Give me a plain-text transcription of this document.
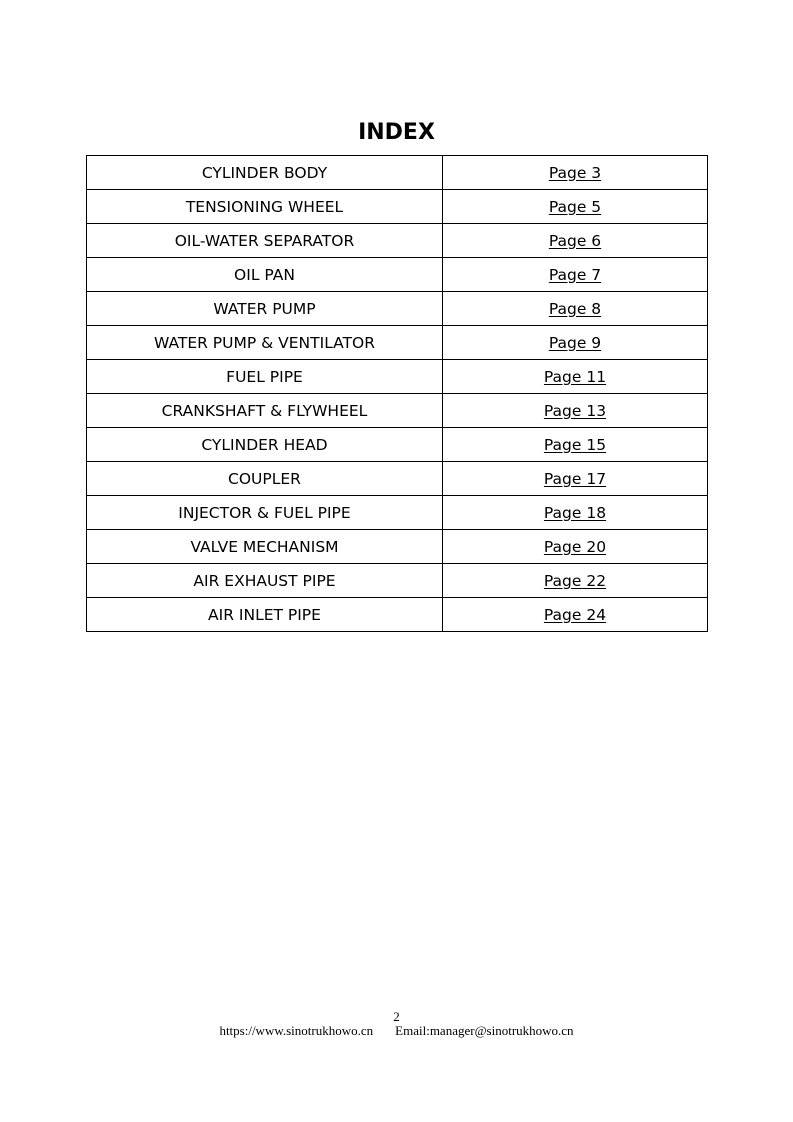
INDEX
CYLINDER BODY	Page 3
TENSIONING WHEEL	Page 5
OIL-WATER SEPARATOR	Page 6
OIL PAN	Page 7
WATER PUMP	Page 8
WATER PUMP & VENTILATOR	Page 9
FUEL PIPE	Page 11
CRANKSHAFT & FLYWHEEL	Page 13
CYLINDER HEAD	Page 15
COUPLER	Page 17
INJECTOR & FUEL PIPE	Page 18
VALVE MECHANISM	Page 20
AIR EXHAUST PIPE	Page 22
AIR INLET PIPE	Page 24
2
https://www.sinotrukhowo.cn Email:manager@sinotrukhowo.cn
